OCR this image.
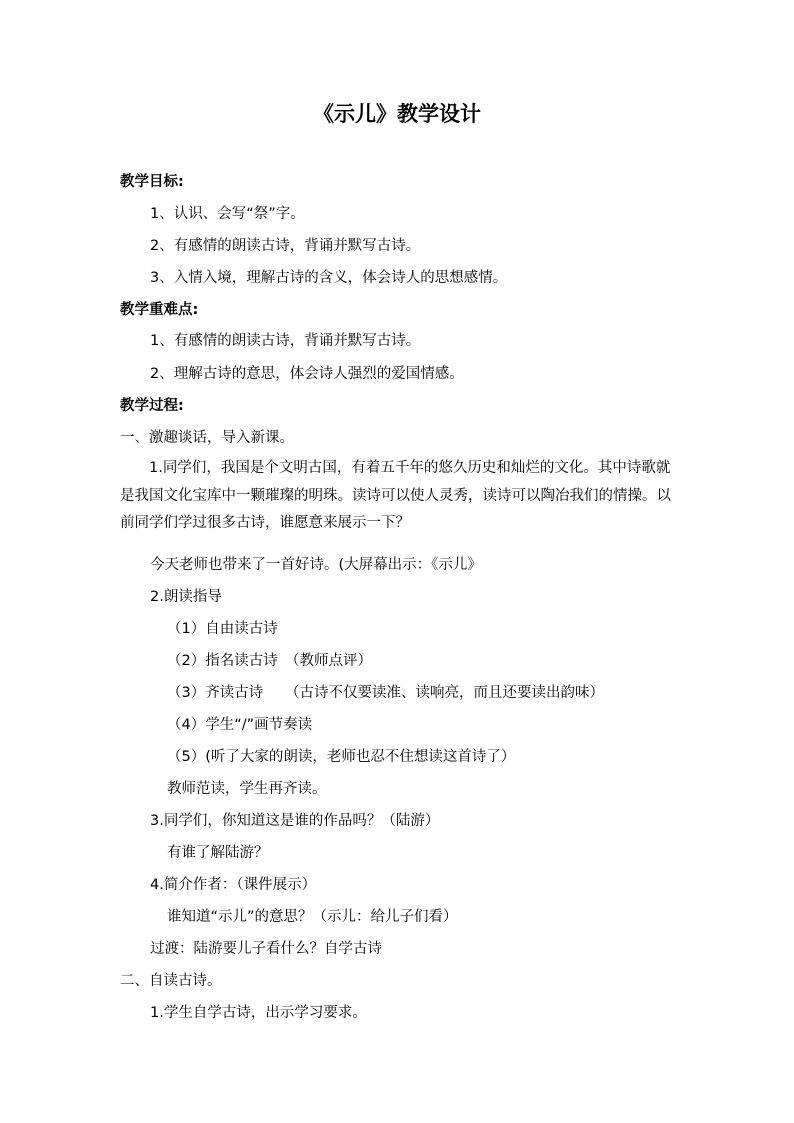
《示儿》教学设计
教学目标:
1、认识、会写“祭”字。
2、有感情的朗读古诗，背诵并默写古诗。
3、入情入境，理解古诗的含义，体会诗人的思想感情。
教学重难点:
1、有感情的朗读古诗，背诵并默写古诗。
2、理解古诗的意思，体会诗人强烈的爱国情感。
教学过程:
一、激趣谈话，导入新课。
1.同学们，我国是个文明古国，有着五千年的悠久历史和灿烂的文化。其中诗歌就是我国文化宝库中一颗璀璨的明珠。读诗可以使人灵秀，读诗可以陶冶我们的情操。以前同学们学过很多古诗，谁愿意来展示一下？
今天老师也带来了一首好诗。(大屏幕出示：《示儿》
2.朗读指导
（1）自由读古诗
（2）指名读古诗　（教师点评）
（3）齐读古诗　　（古诗不仅要读准、读响亮，而且还要读出韵味）
（4）学生“/”画节奏读
（5）(听了大家的朗读，老师也忍不住想读这首诗了）
教师范读，学生再齐读。
3.同学们，你知道这是谁的作品吗？（陆游）
有谁了解陆游？
4.简介作者：（课件展示）
谁知道“示儿”的意思？（示儿：给儿子们看）
过渡：陆游要儿子看什么？自学古诗
二、自读古诗。
1.学生自学古诗，出示学习要求。
